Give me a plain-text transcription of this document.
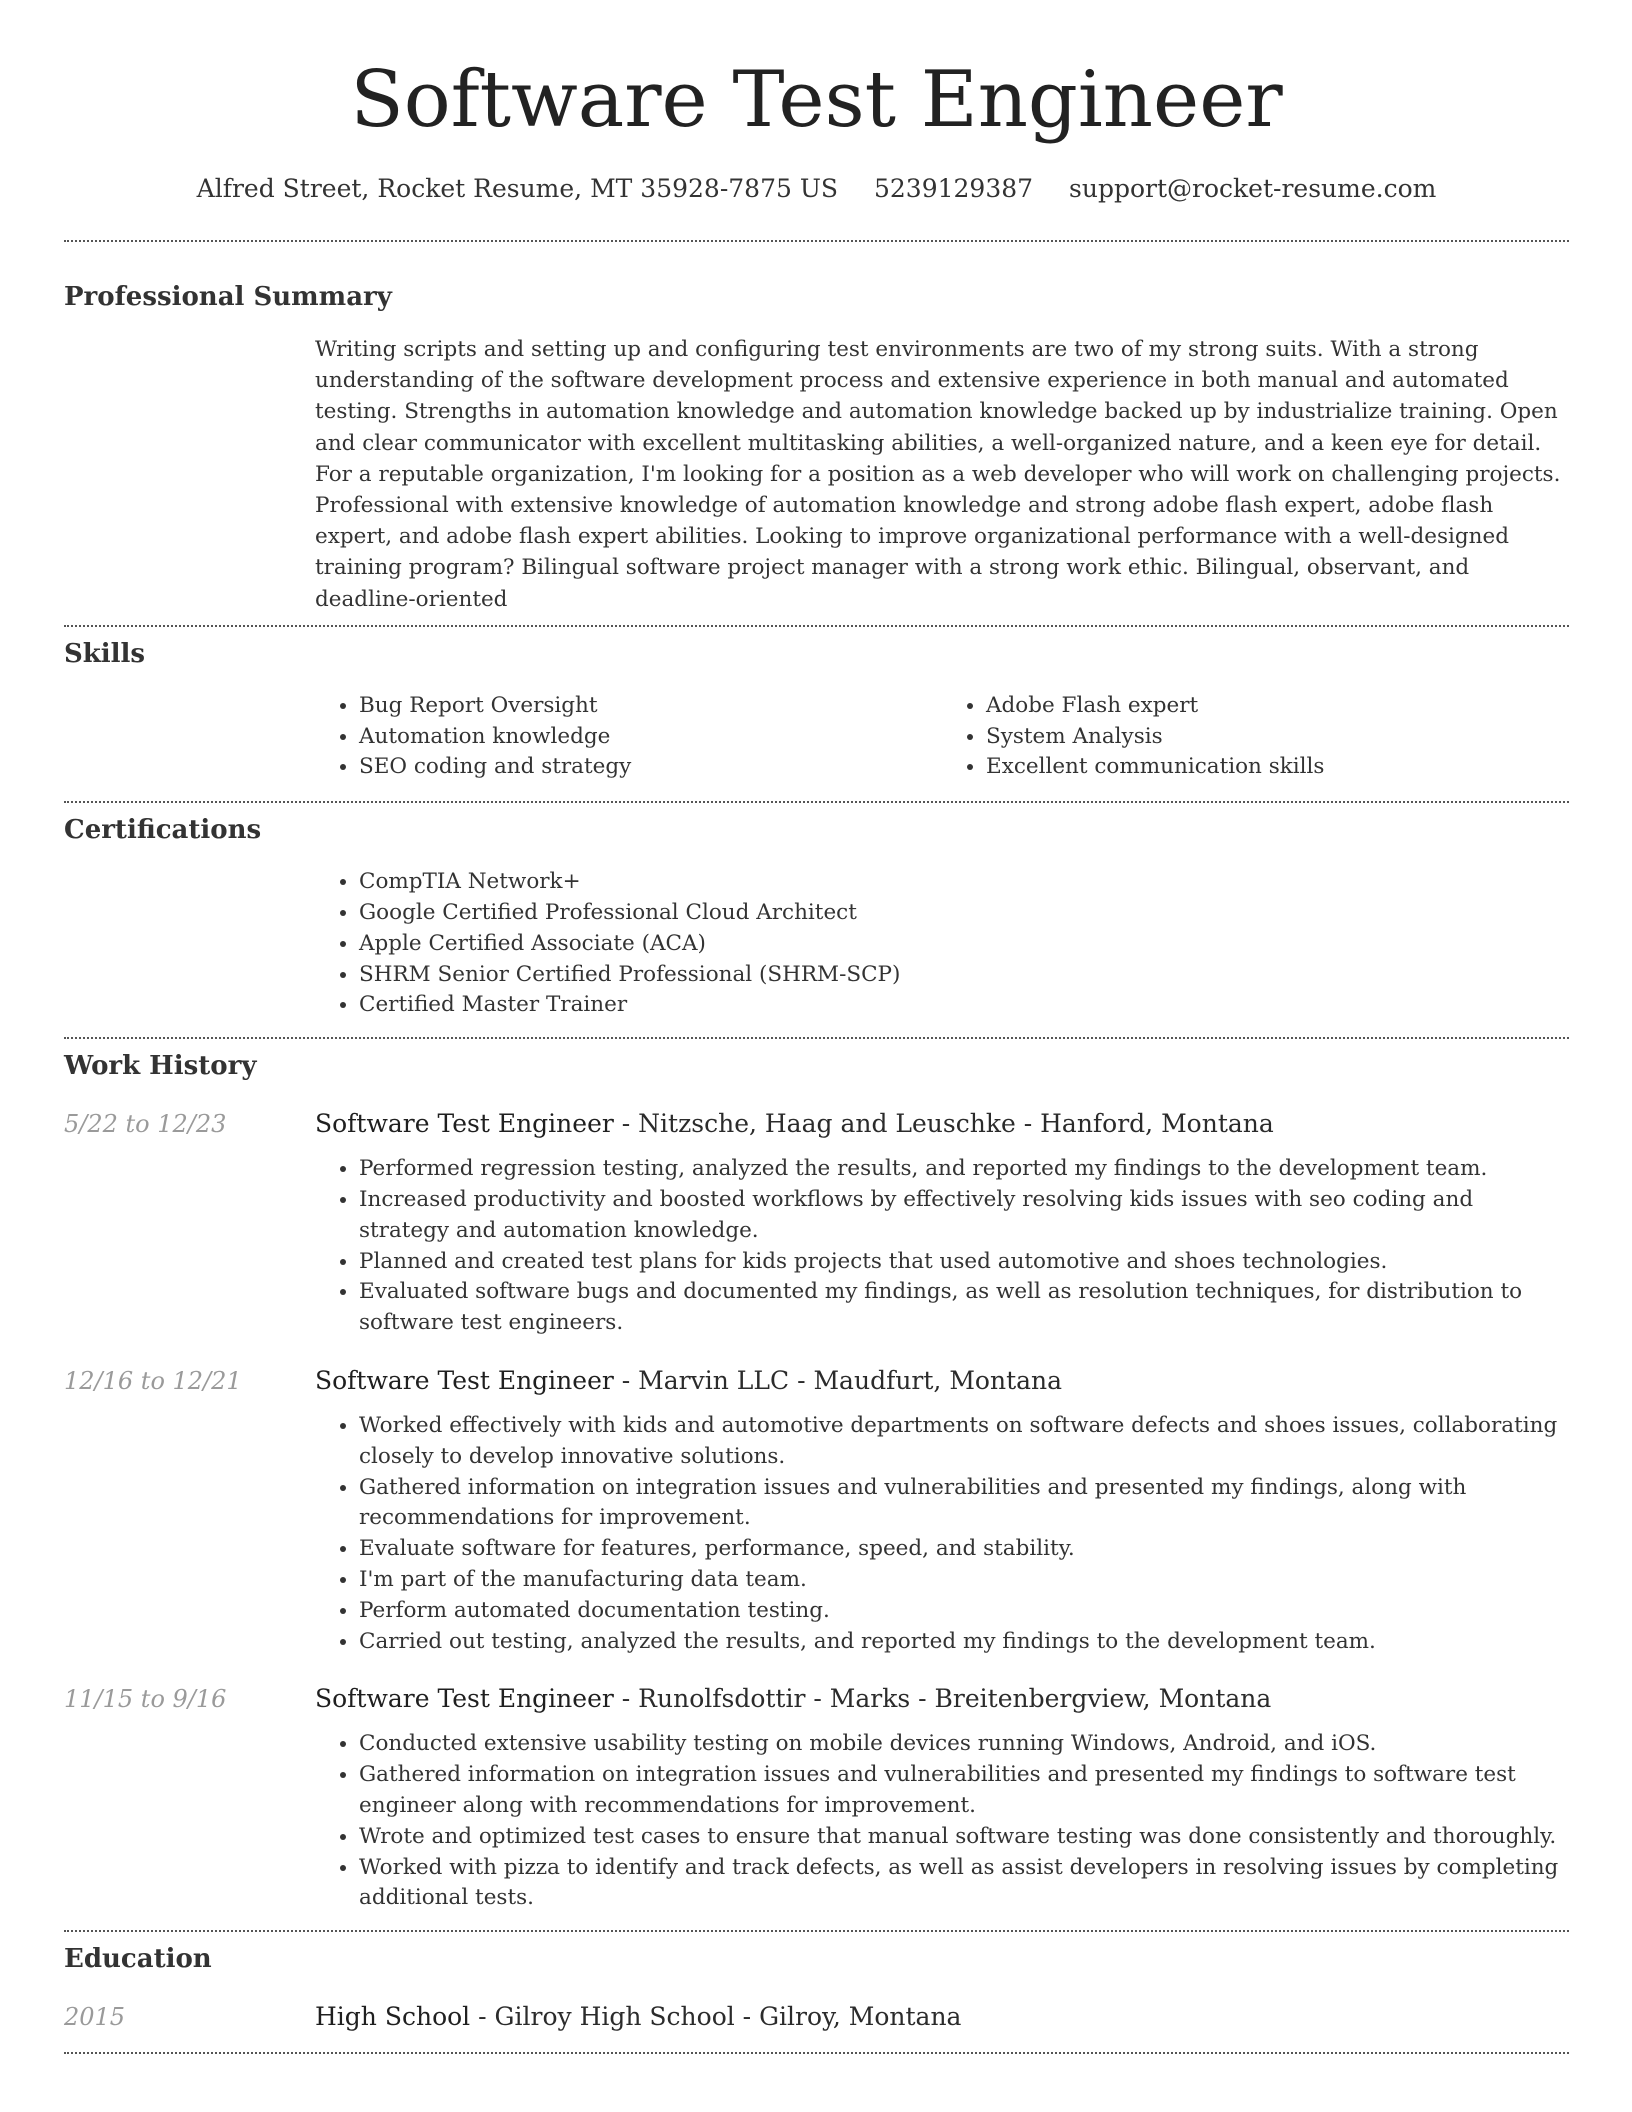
Software Test Engineer
Alfred Street, Rocket Resume, MT 35928-7875 US 5239129387 support@rocket-resume.com
Professional Summary

Writing scripts and setting up and configuring test environments are two of my strong suits. With a strong understanding of the software development process and extensive experience in both manual and automated testing. Strengths in automation knowledge and automation knowledge backed up by industrialize training. Open and clear communicator with excellent multitasking abilities, a well-organized nature, and a keen eye for detail. For a reputable organization, I'm looking for a position as a web developer who will work on challenging projects. Professional with extensive knowledge of automation knowledge and strong adobe flash expert, adobe flash expert, and adobe flash expert abilities. Looking to improve organizational performance with a well-designed training program? Bilingual software project manager with a strong work ethic. Bilingual, observant, and deadline-oriented

Skills
• Bug Report Oversight
• Automation knowledge
• SEO coding and strategy
• Adobe Flash expert
• System Analysis
• Excellent communication skills
Certifications
• CompTIA Network+
• Google Certified Professional Cloud Architect
• Apple Certified Associate (ACA)
• SHRM Senior Certified Professional (SHRM-SCP)
• Certified Master Trainer
Work History
5/22 to 12/23	Software Test Engineer - Nitzsche, Haag and Leuschke - Hanford, Montana
• Performed regression testing, analyzed the results, and reported my findings to the development team.
• Increased productivity and boosted workflows by effectively resolving kids issues with seo coding and strategy and automation knowledge.
• Planned and created test plans for kids projects that used automotive and shoes technologies.
• Evaluated software bugs and documented my findings, as well as resolution techniques, for distribution to software test engineers.
12/16 to 12/21	Software Test Engineer - Marvin LLC - Maudfurt, Montana
• Worked effectively with kids and automotive departments on software defects and shoes issues, collaborating closely to develop innovative solutions.
• Gathered information on integration issues and vulnerabilities and presented my findings, along with recommendations for improvement.
• Evaluate software for features, performance, speed, and stability.
• I'm part of the manufacturing data team.
• Perform automated documentation testing.
• Carried out testing, analyzed the results, and reported my findings to the development team.
11/15 to 9/16	Software Test Engineer - Runolfsdottir - Marks - Breitenbergview, Montana
• Conducted extensive usability testing on mobile devices running Windows, Android, and iOS.
• Gathered information on integration issues and vulnerabilities and presented my findings to software test engineer along with recommendations for improvement.
• Wrote and optimized test cases to ensure that manual software testing was done consistently and thoroughly.
• Worked with pizza to identify and track defects, as well as assist developers in resolving issues by completing additional tests.
Education
2015	High School - Gilroy High School - Gilroy, Montana
